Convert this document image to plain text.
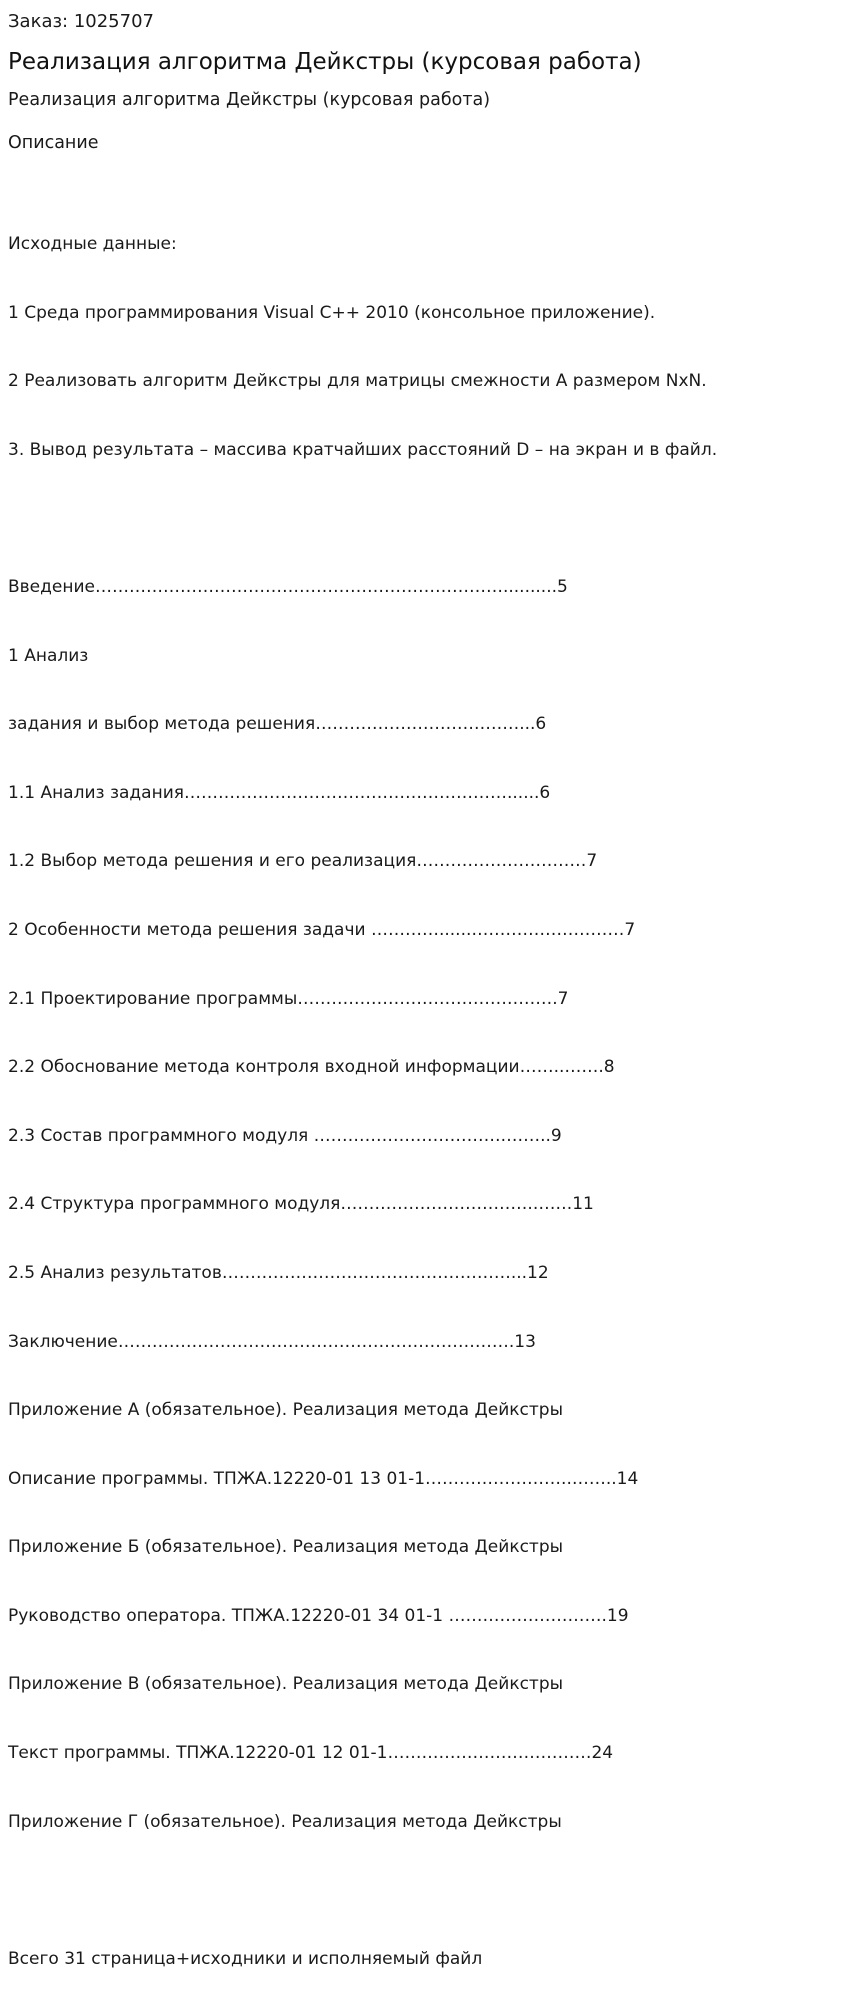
Заказ: 1025707
Реализация алгоритма Дейкстры (курсовая работа)
Реализация алгоритма Дейкстры (курсовая работа)
Описание

Исходные данные:

1 Среда программирования Visual C++ 2010 (консольное приложение).

2 Реализовать алгоритм Дейкстры для матрицы смежности А размером NxN.

3. Вывод результата – массива кратчайших расстояний D – на экран и в файл.

Введение………………………………………………………………..........5

1 Анализ

задания и выбор метода решения………………………………...6

1.1 Анализ задания…………………………………………………......6

1.2 Выбор метода решения и его реализация…………………………7

2 Особенности метода решения задачи …………......………………………7

2.1 Проектирование программы……………………………………….7

2.2 Обоснование метода контроля входной информации……..…….8

2.3 Состав программного модуля …………………………….……..9

2.4 Структура программного модуля…………………………….…….11

2.5 Анализ результатов……………………………………………...12

Заключение…………………………………………………………….13

Приложение А (обязательное). Реализация метода Дейкстры

Описание программы. ТПЖА.12220-01 13 01-1……………………..……..14

Приложение Б (обязательное). Реализация метода Дейкстры

Руководство оператора. ТПЖА.12220-01 34 01-1 ……………………….19

Приложение В (обязательное). Реализация метода Дейкстры

Текст программы. ТПЖА.12220-01 12 01-1………………………………24

Приложение Г (обязательное). Реализация метода Дейкстры

Всего 31 страница+исходники и исполняемый файл
